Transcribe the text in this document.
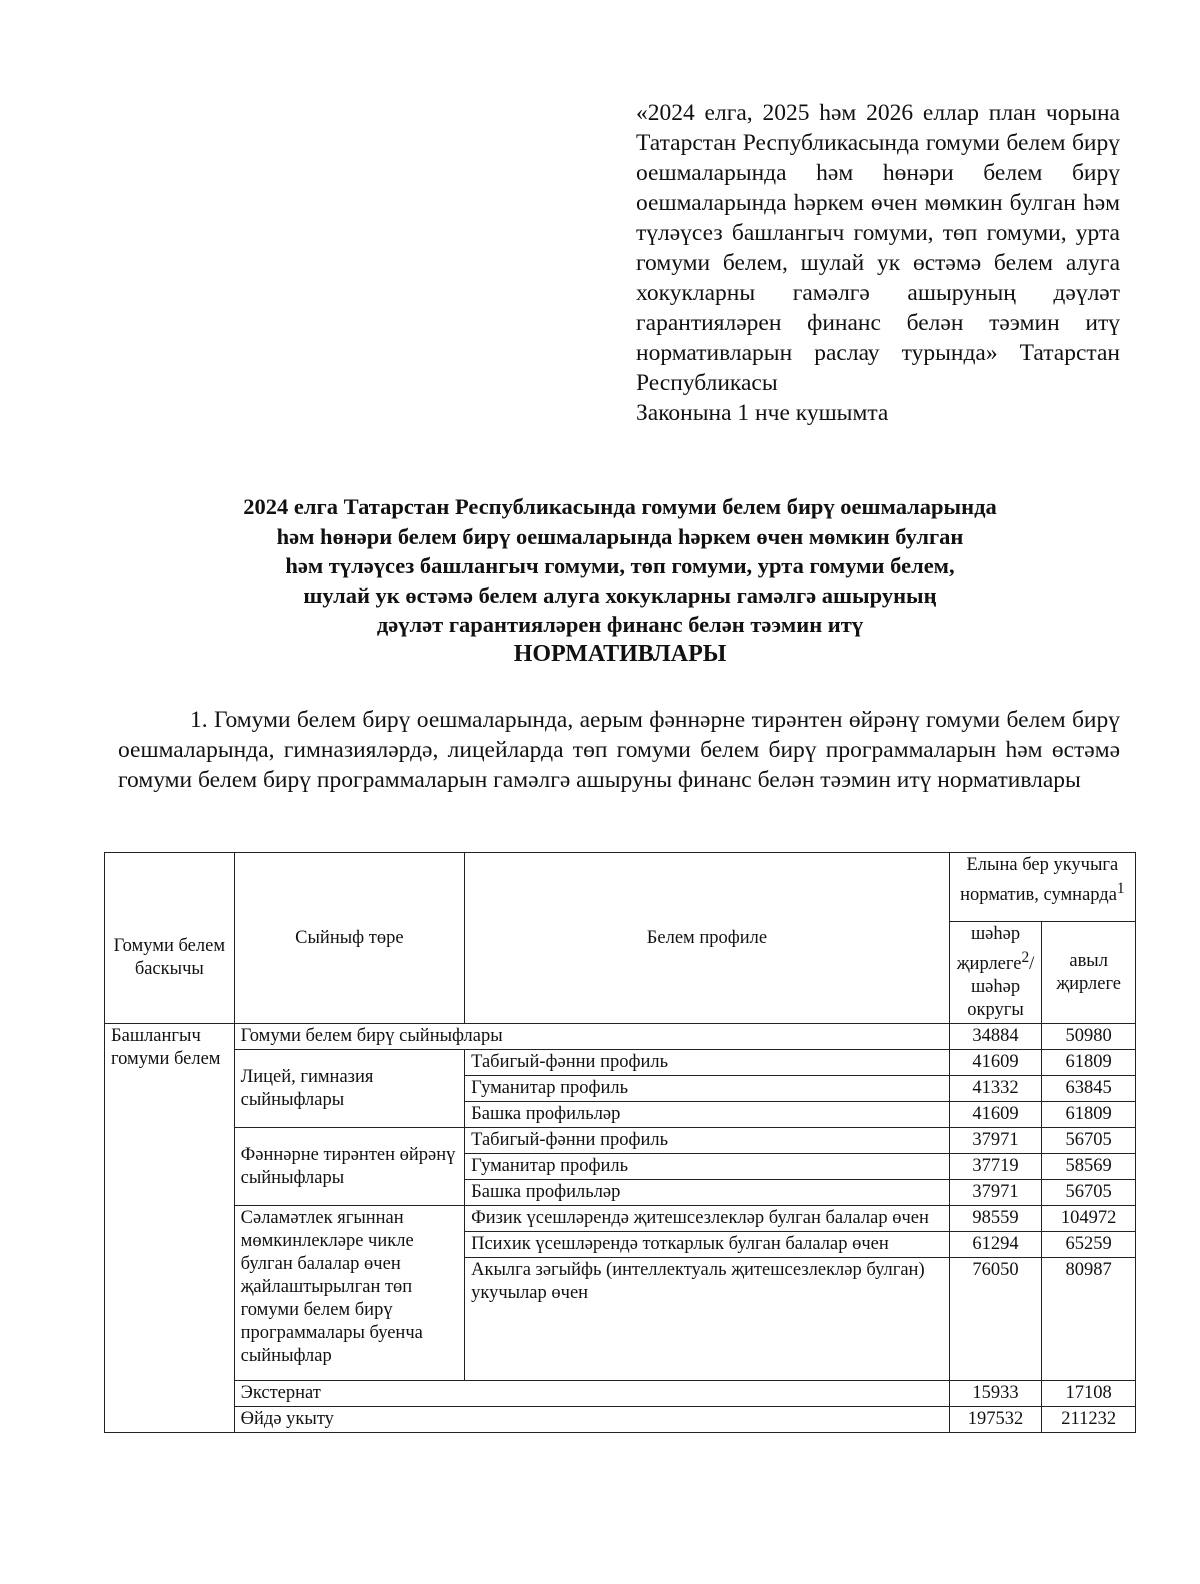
«2024 елга, 2025 һәм 2026 еллар план чорына Татарстан Республикасында гомуми белем бирү оешмаларында һәм һөнәри белем бирү оешмаларында һәркем өчен мөмкин булган һәм түләүсез башлангыч гомуми, төп гомуми, урта гомуми белем, шулай ук өстәмә белем алуга хокукларны гамәлгә ашыруның дәүләт гарантияләрен финанс белән тәэмин итү нормативларын раслау турында» Татарстан Республикасы
Законына 1 нче кушымта
2024 елга Татарстан Республикасында гомуми белем бирү оешмаларында
һәм һөнәри белем бирү оешмаларында һәркем өчен мөмкин булган
һәм түләүсез башлангыч гомуми, төп гомуми, урта гомуми белем,
шулай ук өстәмә белем алуга хокукларны гамәлгә ашыруның
дәүләт гарантияләрен финанс белән тәэмин итү
НОРМАТИВЛАРЫ
1. Гомуми белем бирү оешмаларында, аерым фәннәрне тирәнтен өйрәнү гомуми белем бирү оешмаларында, гимназияләрдә, лицейларда төп гомуми белем бирү программаларын һәм өстәмә гомуми белем бирү программаларын гамәлгә ашыруны финанс белән тәэмин итү нормативлары
Гомуми белем баскычы	Сыйныф төре	Белем профиле	Елына бер укучыга норматив, сумнарда$^1$
			шәһәр җирлеге$^2$/ шәһәр округы	авыл җирлеге
Башлангыч гомуми белем	Гомуми белем бирү сыйныфлары		34884	50980
	Лицей, гимназия сыйныфлары	Табигый-фәнни профиль	41609	61809
		Гуманитар профиль	41332	63845
		Башка профильләр	41609	61809
	Фәннәрне тирәнтен өйрәнү сыйныфлары	Табигый-фәнни профиль	37971	56705
		Гуманитар профиль	37719	58569
		Башка профильләр	37971	56705

	Сәламәтлек ягыннан мөмкинлекләре чикле
булган балалар өчен җайлаштырылган төп гомуми белем бирү программалары буенча
сыйныфлар	Физик үсешләрендә җитешсезлекләр булган балалар өчен	98559	104972
		Психик үсешләрендә тоткарлык булган балалар өчен	61294	65259
		Акылга зәгыйфь (интеллектуаль җитешсезлекләр булган) укучылар өчен	76050	80987
	Экстернат		15933	17108
	Өйдә укыту		197532	211232
